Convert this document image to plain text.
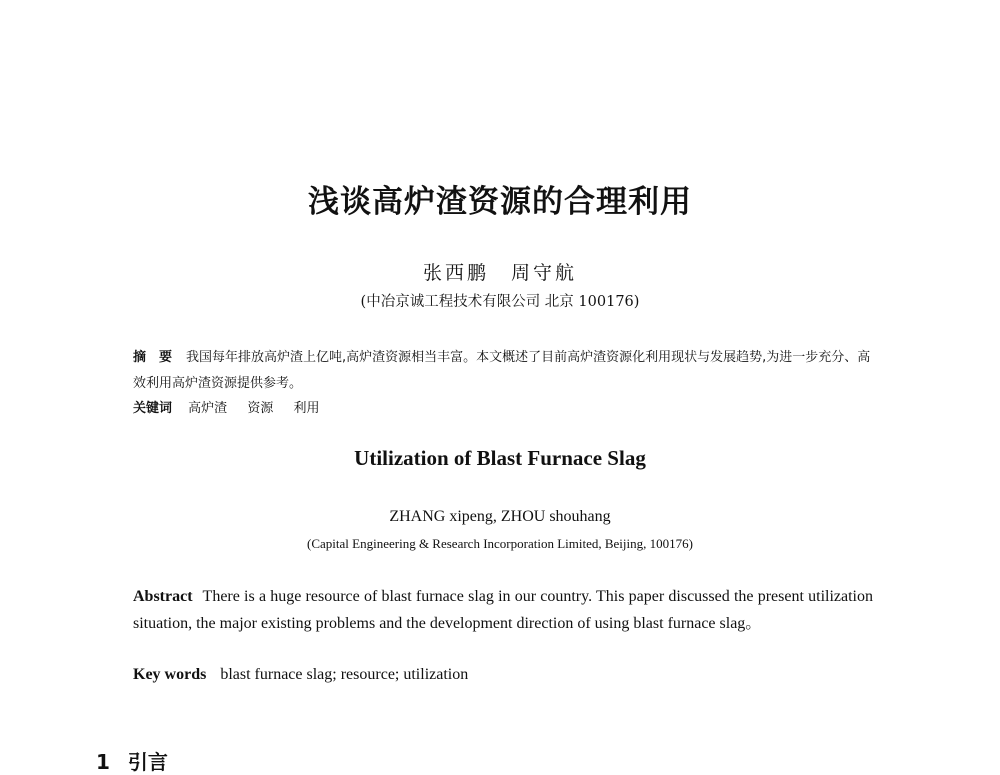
浅谈高炉渣资源的合理利用
张西鹏　周守航
(中冶京诚工程技术有限公司 北京 100176)
摘　要 我国每年排放高炉渣上亿吨,高炉渣资源相当丰富。本文概述了目前高炉渣资源化利用现状与发展趋势,为进一步充分、高效利用高炉渣资源提供参考。
关键词 高炉渣 资源 利用
Utilization of Blast Furnace Slag
ZHANG xipeng, ZHOU shouhang
(Capital Engineering & Research Incorporation Limited, Beijing, 100176)
Abstract There is a huge resource of blast furnace slag in our country. This paper discussed the present utilization situation, the major existing problems and the development direction of using blast furnace slag。
Key words blast furnace slag; resource; utilization
1 引言
